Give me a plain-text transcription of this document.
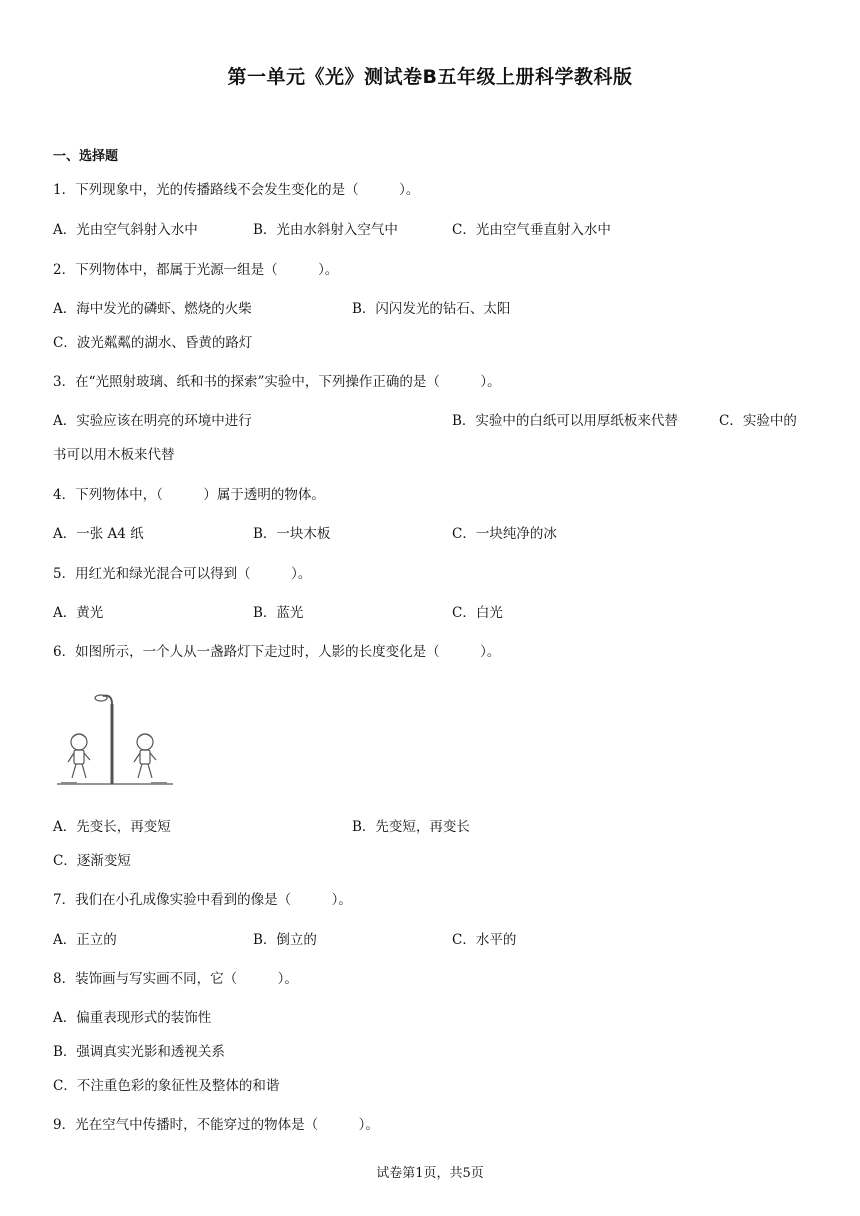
第一单元《光》测试卷B五年级上册科学教科版
一、选择题
1．下列现象中，光的传播路线不会发生变化的是（　　　）。
A．光由空气斜射入水中	B．光由水斜射入空气中	C．光由空气垂直射入水中
2．下列物体中，都属于光源一组是（　　　）。
A．海中发光的磷虾、燃烧的火柴	B．闪闪发光的钻石、太阳
C．波光粼粼的湖水、昏黄的路灯
3．在“光照射玻璃、纸和书的探索”实验中，下列操作正确的是（　　　）。
A．实验应该在明亮的环境中进行	B．实验中的白纸可以用厚纸板来代替	C．实验中的
书可以用木板来代替
4．下列物体中，（　　　）属于透明的物体。
A．一张 A4 纸	B．一块木板	C．一块纯净的冰
5．用红光和绿光混合可以得到（　　　）。
A．黄光	B．蓝光	C．白光
6．如图所示，一个人从一盏路灯下走过时，人影的长度变化是（　　　）。
A．先变长，再变短	B．先变短，再变长
C．逐渐变短
7．我们在小孔成像实验中看到的像是（　　　）。
A．正立的	B．倒立的	C．水平的
8．装饰画与写实画不同，它（　　　）。
A．偏重表现形式的装饰性
B．强调真实光影和透视关系
C．不注重色彩的象征性及整体的和谐
9．光在空气中传播时，不能穿过的物体是（　　　）。
试卷第1页，共5页
